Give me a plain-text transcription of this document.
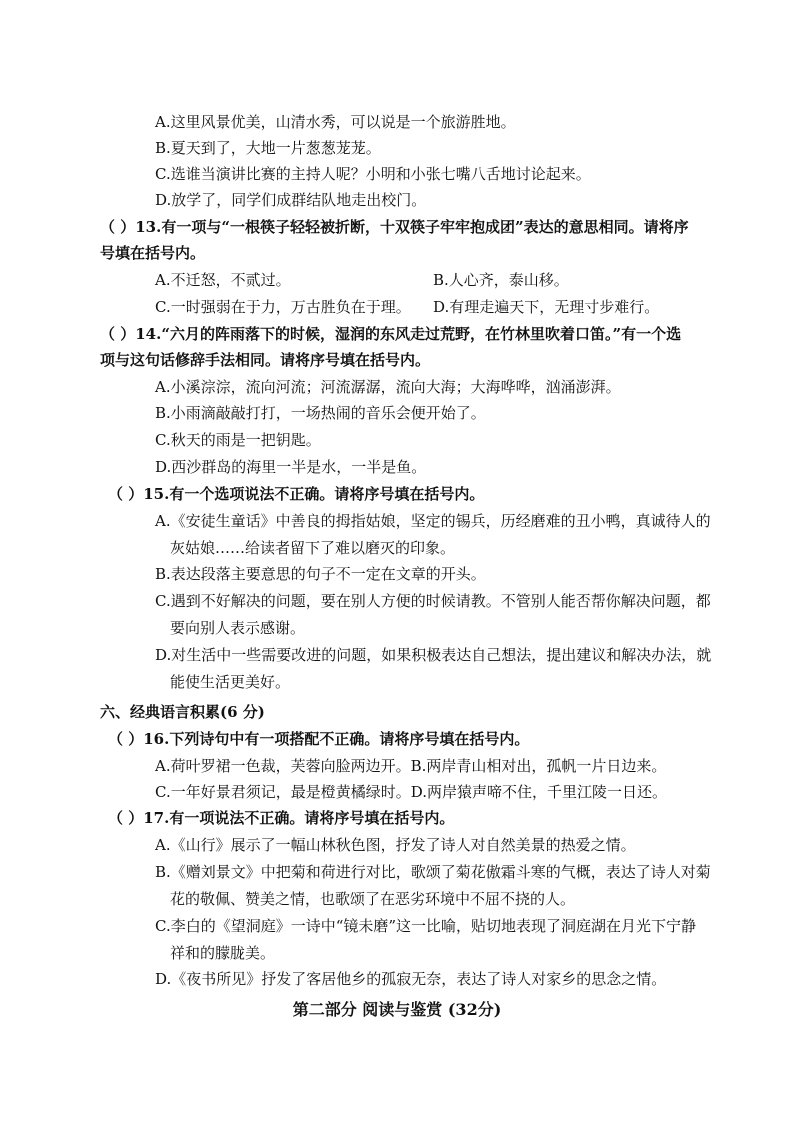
A.这里风景优美，山清水秀，可以说是一个旅游胜地。
B.夏天到了，大地一片葱葱茏茏。
C.选谁当演讲比赛的主持人呢？小明和小张七嘴八舌地讨论起来。
D.放学了，同学们成群结队地走出校门。
（ ）13.有一项与“一根筷子轻轻被折断，十双筷子牢牢抱成团”表达的意思相同。请将序
号填在括号内。
A.不迁怒，不贰过。	B.人心齐，泰山移。
C.一时强弱在于力，万古胜负在于理。 D.有理走遍天下，无理寸步难行。
（ ）14.“六月的阵雨落下的时候，湿润的东风走过荒野，在竹林里吹着口笛。”有一个选
项与这句话修辞手法相同。请将序号填在括号内。
A.小溪淙淙，流向河流；河流潺潺，流向大海；大海哗哗，汹涌澎湃。
B.小雨滴敲敲打打，一场热闹的音乐会便开始了。
C.秋天的雨是一把钥匙。
D.西沙群岛的海里一半是水，一半是鱼。
（ ）15.有一个选项说法不正确。请将序号填在括号内。
A.《安徒生童话》中善良的拇指姑娘，坚定的锡兵，历经磨难的丑小鸭，真诚待人的
灰姑娘……给读者留下了难以磨灭的印象。
B.表达段落主要意思的句子不一定在文章的开头。
C.遇到不好解决的问题，要在别人方便的时候请教。不管别人能否帮你解决问题，都
要向别人表示感谢。
D.对生活中一些需要改进的问题，如果积极表达自己想法，提出建议和解决办法，就
能使生活更美好。
六、经典语言积累(6 分)
（ ）16.下列诗句中有一项搭配不正确。请将序号填在括号内。
A.荷叶罗裙一色裁，芙蓉向脸两边开。B.两岸青山相对出，孤帆一片日边来。
C.一年好景君须记，最是橙黄橘绿时。D.两岸猿声啼不住，千里江陵一日还。
（ ）17.有一项说法不正确。请将序号填在括号内。
A.《山行》展示了一幅山林秋色图，抒发了诗人对自然美景的热爱之情。
B.《赠刘景文》中把菊和荷进行对比，歌颂了菊花傲霜斗寒的气概，表达了诗人对菊
花的敬佩、赞美之情，也歌颂了在恶劣环境中不屈不挠的人。
C.李白的《望洞庭》一诗中“镜未磨”这一比喻，贴切地表现了洞庭湖在月光下宁静
祥和的朦胧美。
D.《夜书所见》抒发了客居他乡的孤寂无奈，表达了诗人对家乡的思念之情。
第二部分 阅读与鉴赏 (32分)
